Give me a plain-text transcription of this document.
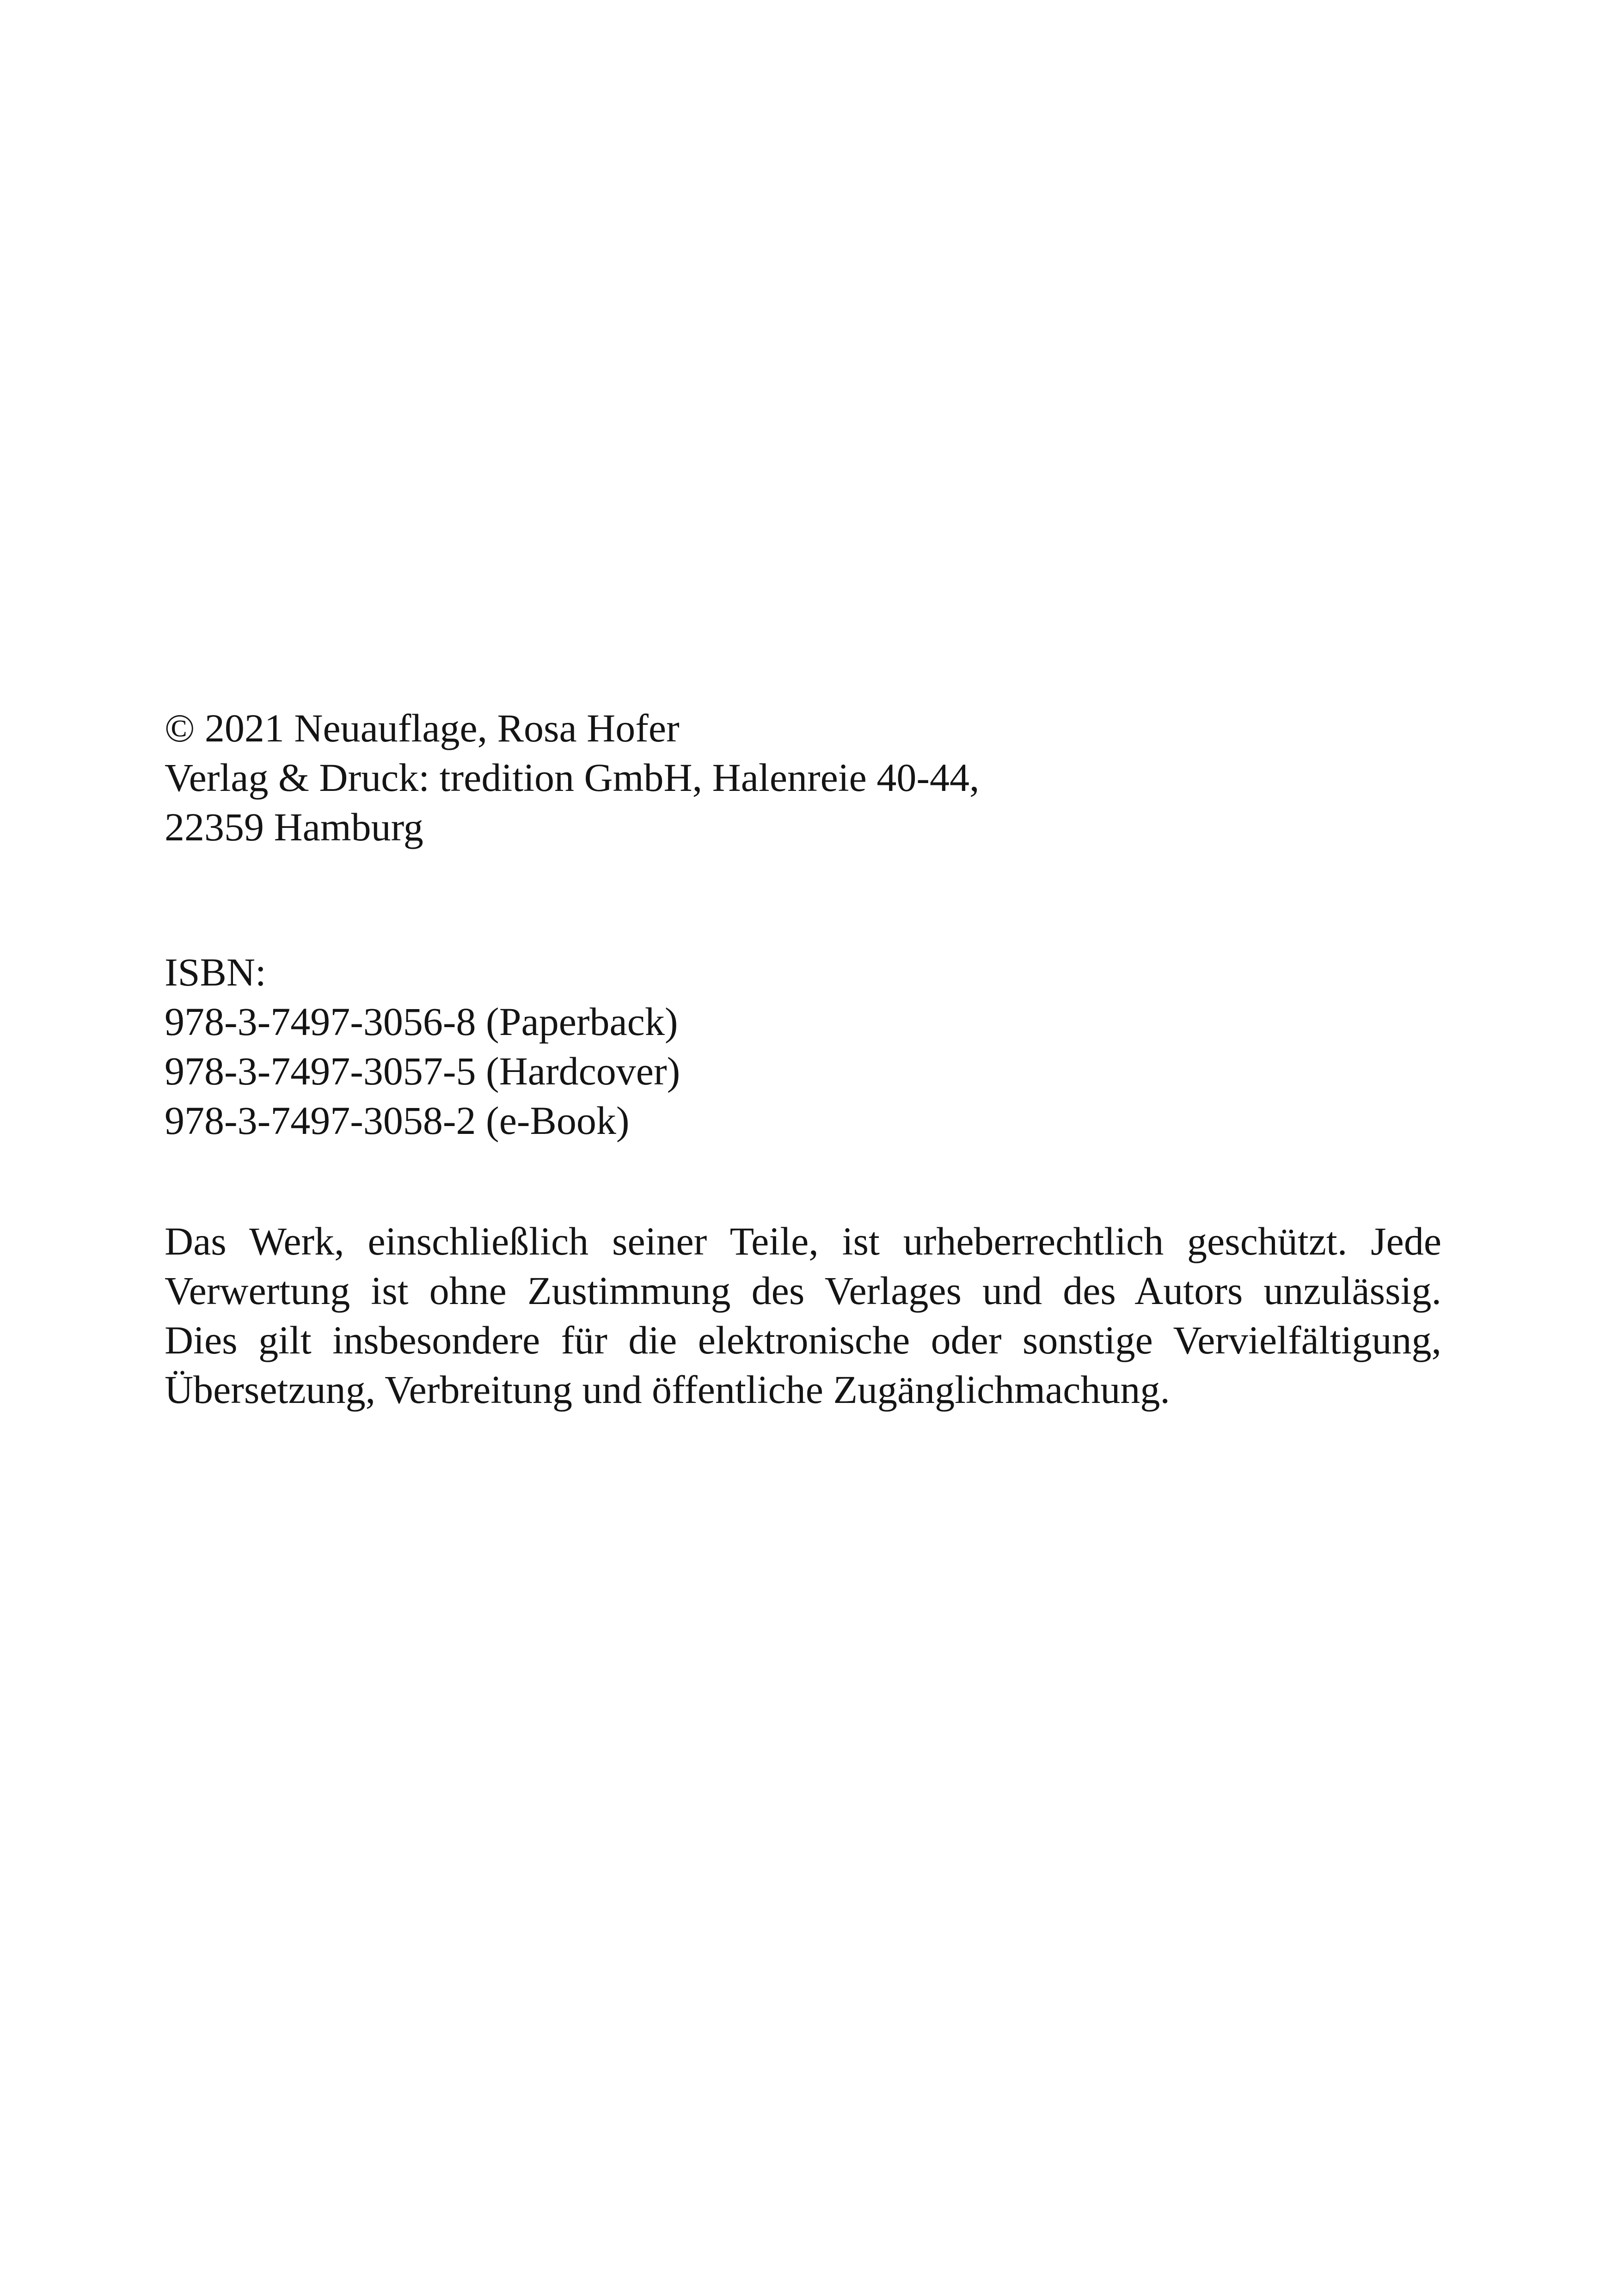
© 2021 Neuauflage, Rosa Hofer
Verlag & Druck: tredition GmbH, Halenreie 40-44,
22359 Hamburg
ISBN:
978-3-7497-3056-8 (Paperback)
978-3-7497-3057-5 (Hardcover)
978-3-7497-3058-2 (e-Book)
Das Werk, einschließlich seiner Teile, ist urheberrechtlich geschützt. Jede
Verwertung ist ohne Zustimmung des Verlages und des Autors unzulässig.
Dies gilt insbesondere für die elektronische oder sonstige Vervielfältigung,
Übersetzung, Verbreitung und öffentliche Zugänglichmachung.
